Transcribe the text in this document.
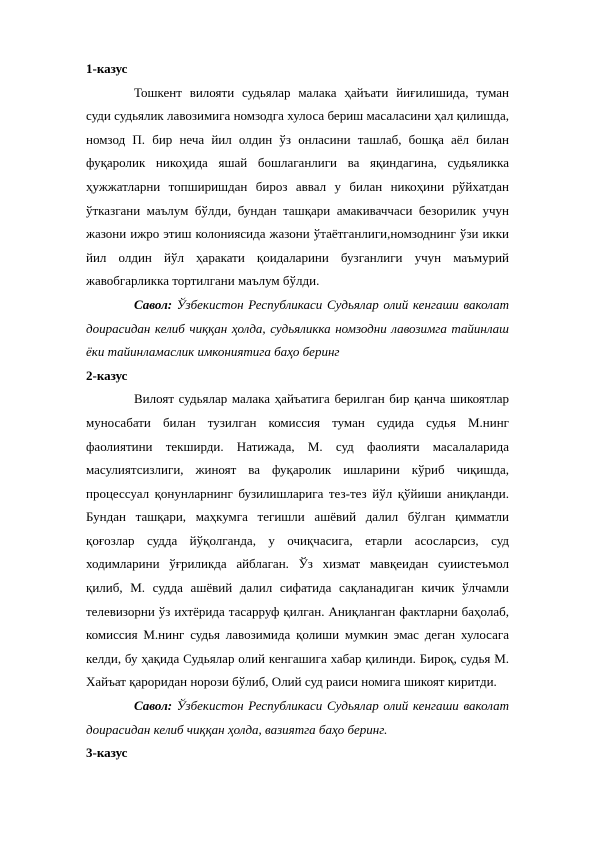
1-казус

Тошкент вилояти судьялар малака ҳайъати йиғилишида, туман суди судьялик лавозимига номзодга хулоса бериш масаласини ҳал қилишда, номзод П. бир неча йил олдин ўз онласини ташлаб, бошқа аёл билан фуқаролик никоҳида яшай бошлаганлиги ва яқиндагина, судьяликка ҳужжатларни топширишдан бироз аввал у билан никоҳини рўйхатдан ўтказгани маълум бўлди, бундан ташқари амакиваччаси безорилик учун жазони ижро этиш колониясида жазони ўтаётганлиги,номзоднинг ўзи икки йил олдин йўл ҳаракати қоидаларини бузганлиги учун маъмурий жавобгарликка тортилгани маълум бўлди.

Савол: Ўзбекистон Республикаси Судьялар олий кенгаши ваколат доирасидан келиб чиққан ҳолда, судьяликка номзодни лавозимга тайинлаш ёки тайинламаслик имкониятига баҳо беринг

2-казус

Вилоят судьялар малака ҳайъатига берилган бир қанча шикоятлар муносабати билан тузилган комиссия туман судида судья М.нинг фаолиятини текширди. Натижада, М. суд фаолияти масалаларида масулиятсизлиги, жиноят ва фуқаролик ишларини кўриб чиқишда, процессуал қонунларнинг бузилишларига тез-тез йўл қўйиши аниқланди. Бундан ташқари, маҳкумга тегишли ашёвий далил бўлган қимматли қоғозлар судда йўқолганда, у очиқчасига, етарли асосларсиз, суд ходимларини ўғриликда айблаган. Ўз хизмат мавқеидан суиистеъмол қилиб, М. судда ашёвий далил сифатида сақланадиган кичик ўлчамли телевизорни ўз ихтёрида тасарруф қилган. Аниқланган фактларни баҳолаб, комиссия М.нинг судья лавозимида қолиши мумкин эмас деган хулосага келди, бу ҳақида Судьялар олий кенгашига хабар қилинди. Бироқ, судья М. Хайъат қароридан норози бўлиб, Олий суд раиси номига шикоят киритди.

Савол: Ўзбекистон Республикаси Судьялар олий кенгаши ваколат доирасидан келиб чиққан ҳолда, вазиятга баҳо беринг.

3-казус
